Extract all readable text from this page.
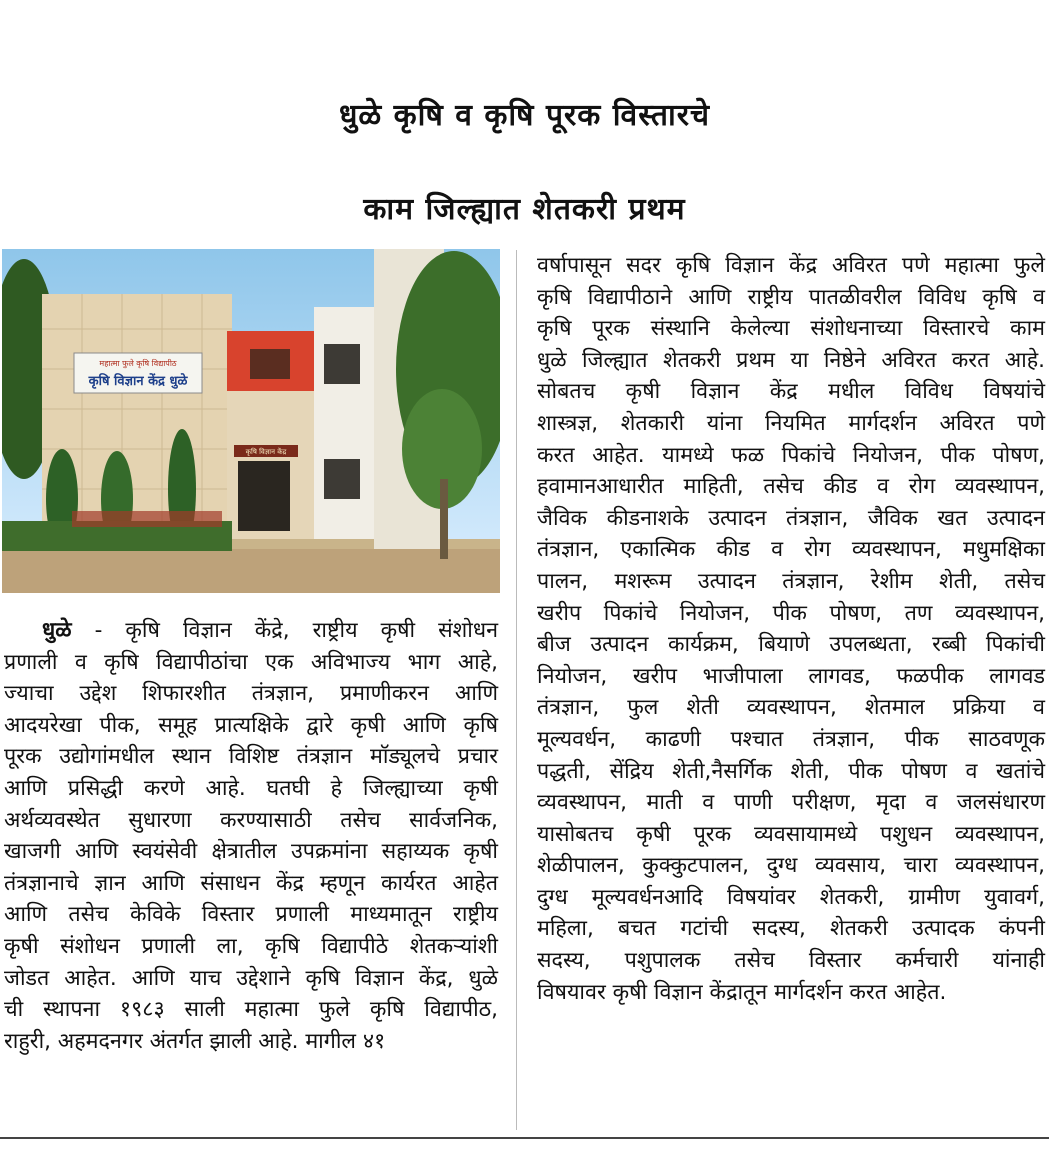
धुळे कृषि व कृषि पूरक विस्तारचे
काम जिल्ह्यात शेतकरी प्रथम
महात्मा फुले कृषि विद्यापीठ
कृषि विज्ञान केंद्र धुळे
कृषि विज्ञान केंद्र
धुळे - कृषि विज्ञान केंद्रे, राष्ट्रीय कृषी संशोधन
प्रणाली व कृषि विद्यापीठांचा एक अविभाज्य भाग आहे,
ज्याचा उद्देश शिफारशीत तंत्रज्ञान, प्रमाणीकरन आणि
आदयरेखा पीक, समूह प्रात्यक्षिके द्वारे कृषी आणि कृषि
पूरक उद्योगांमधील स्थान विशिष्ट तंत्रज्ञान मॉड्यूलचे प्रचार
आणि प्रसिद्धी करणे आहे. घतघी हे जिल्ह्याच्या कृषी
अर्थव्यवस्थेत सुधारणा करण्यासाठी तसेच सार्वजनिक,
खाजगी आणि स्वयंसेवी क्षेत्रातील उपक्रमांना सहाय्यक कृषी
तंत्रज्ञानाचे ज्ञान आणि संसाधन केंद्र म्हणून कार्यरत आहेत
आणि तसेच केविके विस्तार प्रणाली माध्यमातून राष्ट्रीय
कृषी संशोधन प्रणाली ला, कृषि विद्यापीठे शेतकऱ्यांशी
जोडत आहेत. आणि याच उद्देशाने कृषि विज्ञान केंद्र, धुळे
ची स्थापना १९८३ साली महात्मा फुले कृषि विद्यापीठ,
राहुरी, अहमदनगर अंतर्गत झाली आहे. मागील ४१
वर्षापासून सदर कृषि विज्ञान केंद्र अविरत पणे महात्मा फुले
कृषि विद्यापीठाने आणि राष्ट्रीय पातळीवरील विविध कृषि व
कृषि पूरक संस्थानि केलेल्या संशोधनाच्या विस्तारचे काम
धुळे जिल्ह्यात शेतकरी प्रथम या निष्ठेने अविरत करत आहे.
सोबतच कृषी विज्ञान केंद्र मधील विविध विषयांचे
शास्त्रज्ञ, शेतकारी यांना नियमित मार्गदर्शन अविरत पणे
करत आहेत. यामध्ये फळ पिकांचे नियोजन, पीक पोषण,
हवामानआधारीत माहिती, तसेच कीड व रोग व्यवस्थापन,
जैविक कीडनाशके उत्पादन तंत्रज्ञान, जैविक खत उत्पादन
तंत्रज्ञान, एकात्मिक कीड व रोग व्यवस्थापन, मधुमक्षिका
पालन, मशरूम उत्पादन तंत्रज्ञान, रेशीम शेती, तसेच
खरीप पिकांचे नियोजन, पीक पोषण, तण व्यवस्थापन,
बीज उत्पादन कार्यक्रम, बियाणे उपलब्धता, रब्बी पिकांची
नियोजन, खरीप भाजीपाला लागवड, फळपीक लागवड
तंत्रज्ञान, फुल शेती व्यवस्थापन, शेतमाल प्रक्रिया व
मूल्यवर्धन, काढणी पश्चात तंत्रज्ञान, पीक साठवणूक
पद्धती, सेंद्रिय शेती,नैसर्गिक शेती, पीक पोषण व खतांचे
व्यवस्थापन, माती व पाणी परीक्षण, मृदा व जलसंधारण
यासोबतच कृषी पूरक व्यवसायामध्ये पशुधन व्यवस्थापन,
शेळीपालन, कुक्कुटपालन, दुग्ध व्यवसाय, चारा व्यवस्थापन,
दुग्ध मूल्यवर्धनआदि विषयांवर शेतकरी, ग्रामीण युवावर्ग,
महिला, बचत गटांची सदस्य, शेतकरी उत्पादक कंपनी
सदस्य, पशुपालक तसेच विस्तार कर्मचारी यांनाही
विषयावर कृषी विज्ञान केंद्रातून मार्गदर्शन करत आहेत.
